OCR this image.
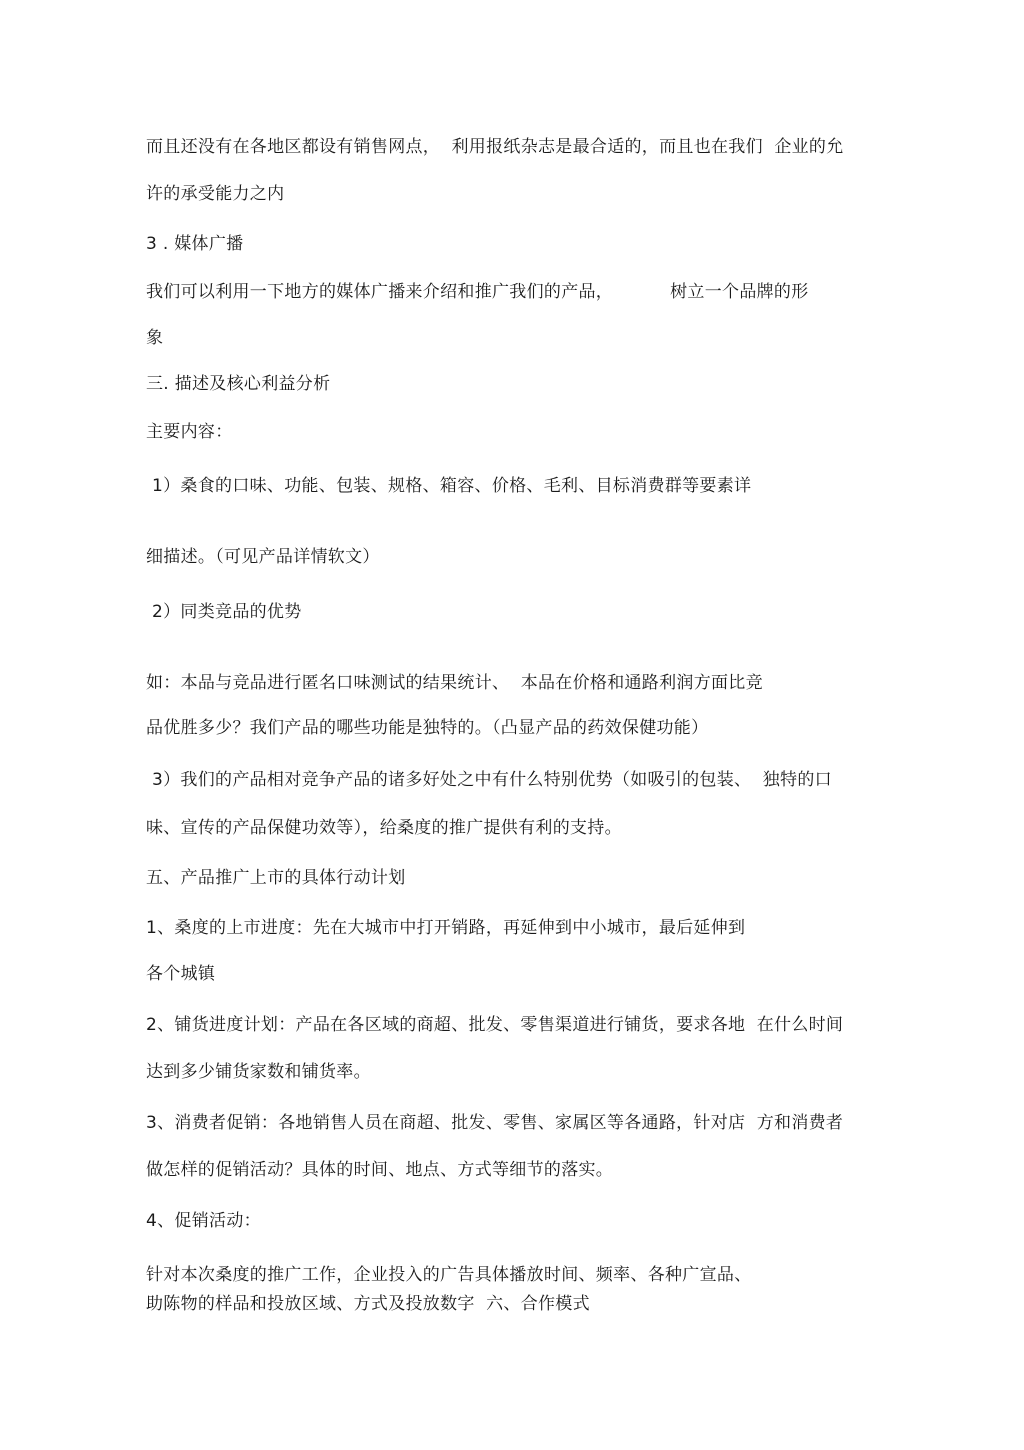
而且还没有在各地区都设有销售网点，  利用报纸杂志是最合适的，而且也在我们  企业的允
许的承受能力之内
3 . 媒体广播
我们可以利用一下地方的媒体广播来介绍和推广我们的产品，          树立一个品牌的形
象
三. 描述及核心利益分析
主要内容：
1）桑食的口味、功能、包装、规格、箱容、价格、毛利、目标消费群等要素详
细描述。（可见产品详情软文）
2）同类竞品的优势
如：本品与竞品进行匿名口味测试的结果统计、  本品在价格和通路利润方面比竞
品优胜多少？我们产品的哪些功能是独特的。（凸显产品的药效保健功能）
3）我们的产品相对竞争产品的诸多好处之中有什么特别优势（如吸引的包装、  独特的口
味、宣传的产品保健功效等），给桑度的推广提供有利的支持。
五、产品推广上市的具体行动计划
1、桑度的上市进度：先在大城市中打开销路，再延伸到中小城市，最后延伸到
各个城镇
2、铺货进度计划：产品在各区域的商超、批发、零售渠道进行铺货，要求各地  在什么时间
达到多少铺货家数和铺货率。
3、消费者促销：各地销售人员在商超、批发、零售、家属区等各通路，针对店  方和消费者
做怎样的促销活动？具体的时间、地点、方式等细节的落实。
4、促销活动：
针对本次桑度的推广工作，企业投入的广告具体播放时间、频率、各种广宣品、
助陈物的样品和投放区域、方式及投放数字  六、合作模式
